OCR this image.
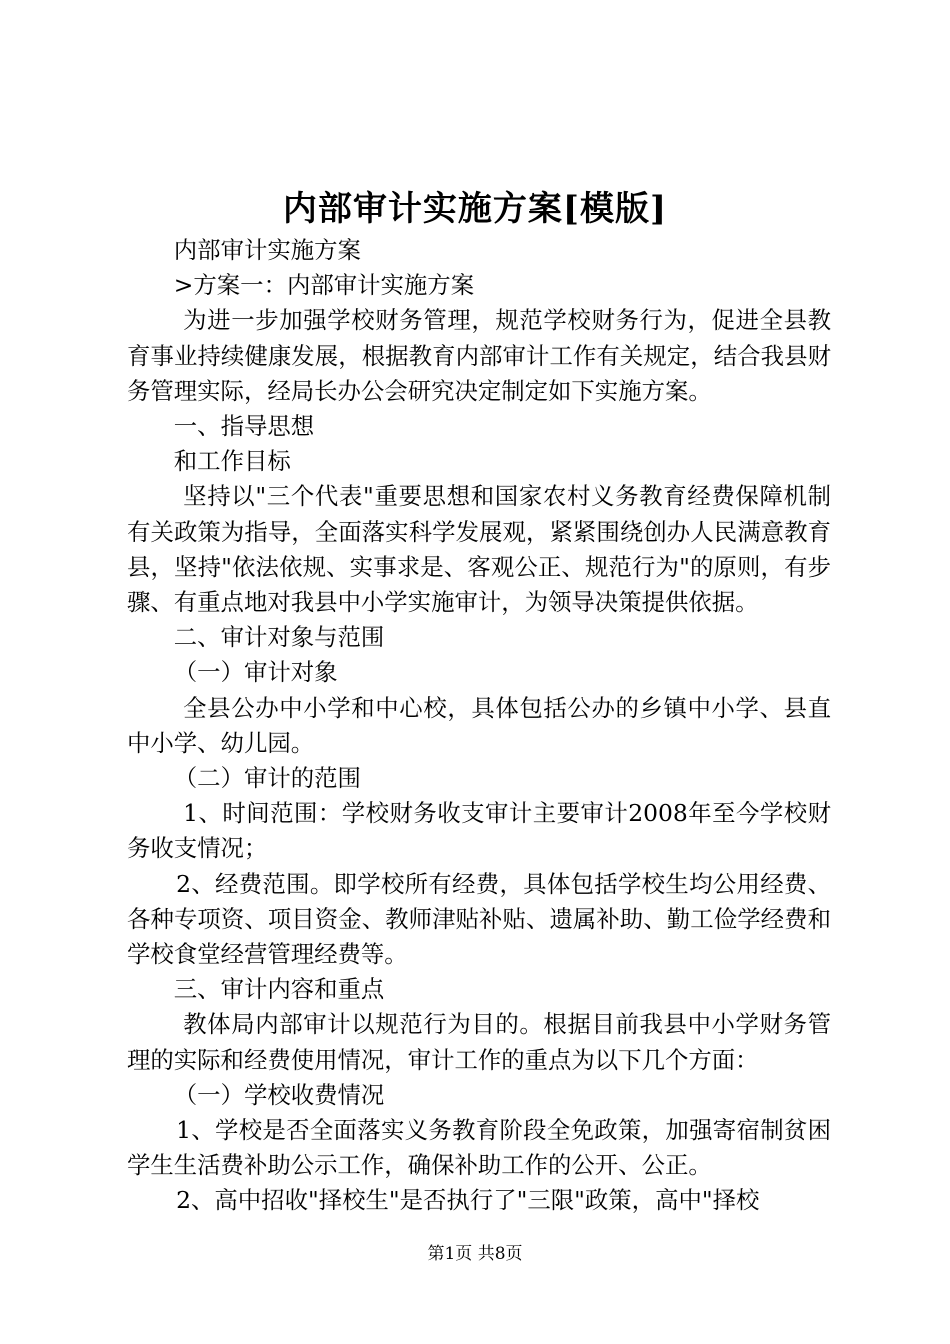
内部审计实施方案[模版]

内部审计实施方案

>方案一：内部审计实施方案

为进一步加强学校财务管理，规范学校财务行为，促进全县教育事业持续健康发展，根据教育内部审计工作有关规定，结合我县财务管理实际，经局长办公会研究决定制定如下实施方案。

一、指导思想

和工作目标

坚持以"三个代表"重要思想和国家农村义务教育经费保障机制有关政策为指导，全面落实科学发展观，紧紧围绕创办人民满意教育县，坚持"依法依规、实事求是、客观公正、规范行为"的原则，有步骤、有重点地对我县中小学实施审计，为领导决策提供依据。

二、审计对象与范围

（一）审计对象

全县公办中小学和中心校，具体包括公办的乡镇中小学、县直中小学、幼儿园。

（二）审计的范围

1、时间范围：学校财务收支审计主要审计2008年至今学校财务收支情况；

2、经费范围。即学校所有经费，具体包括学校生均公用经费、各种专项资、项目资金、教师津贴补贴、遗属补助、勤工俭学经费和学校食堂经营管理经费等。

三、审计内容和重点

教体局内部审计以规范行为目的。根据目前我县中小学财务管理的实际和经费使用情况，审计工作的重点为以下几个方面：

（一）学校收费情况

1、学校是否全面落实义务教育阶段全免政策，加强寄宿制贫困学生生活费补助公示工作，确保补助工作的公开、公正。

2、高中招收"择校生"是否执行了"三限"政策，高中"择校

第1页 共8页
